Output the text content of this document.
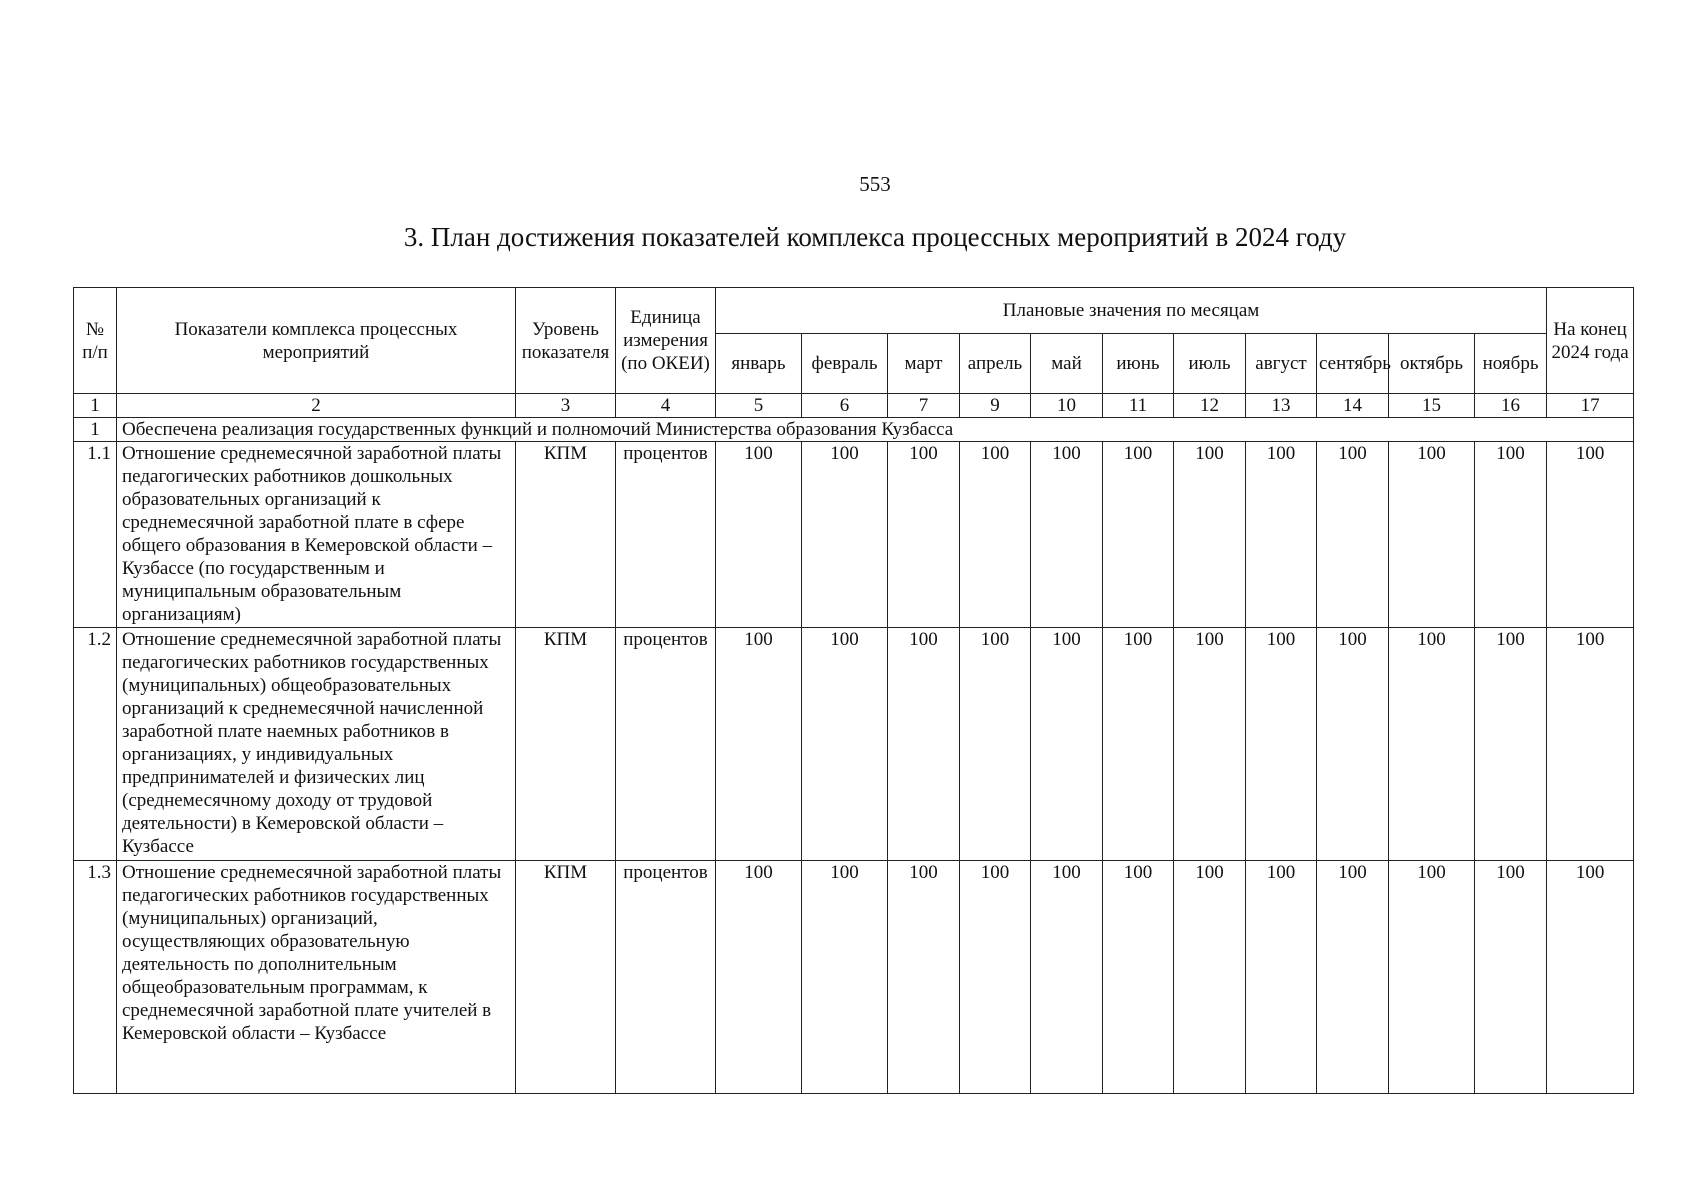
553
3. План достижения показателей комплекса процессных мероприятий в 2024 году
№ п/п	Показатели комплекса процессных мероприятий	Уровень показателя	Единица измерения (по ОКЕИ)	Плановые значения по месяцам											На конец 2024 года
				январь	февраль	март	апрель	май	июнь	июль	август	сентябрь	октябрь	ноябрь	
1	2	3	4	5	6	7	9	10	11	12	13	14	15	16	17
1	Обеспечена реализация государственных функций и полномочий Министерства образования Кузбасса														
1.1	Отношение среднемесячной заработной платы педагогических работников дошкольных образовательных организаций к среднемесячной заработной плате в сфере общего образования в Кемеровской области – Кузбассе (по государственным и муниципальным образовательным организациям)	КПМ	процентов	100	100	100	100	100	100	100	100	100	100	100	100
1.2	Отношение среднемесячной заработной платы педагогических работников государственных (муниципальных) общеобразовательных организаций к среднемесячной начисленной заработной плате наемных работников в организациях, у индивидуальных предпринимателей и физических лиц (среднемесячному доходу от трудовой деятельности) в Кемеровской области – Кузбассе	КПМ	процентов	100	100	100	100	100	100	100	100	100	100	100	100
1.3	Отношение среднемесячной заработной платы педагогических работников государственных (муниципальных) организаций, осуществляющих образовательную деятельность по дополнительным общеобразовательным программам, к среднемесячной заработной плате учителей в Кемеровской области – Кузбассе	КПМ	процентов	100	100	100	100	100	100	100	100	100	100	100	100
